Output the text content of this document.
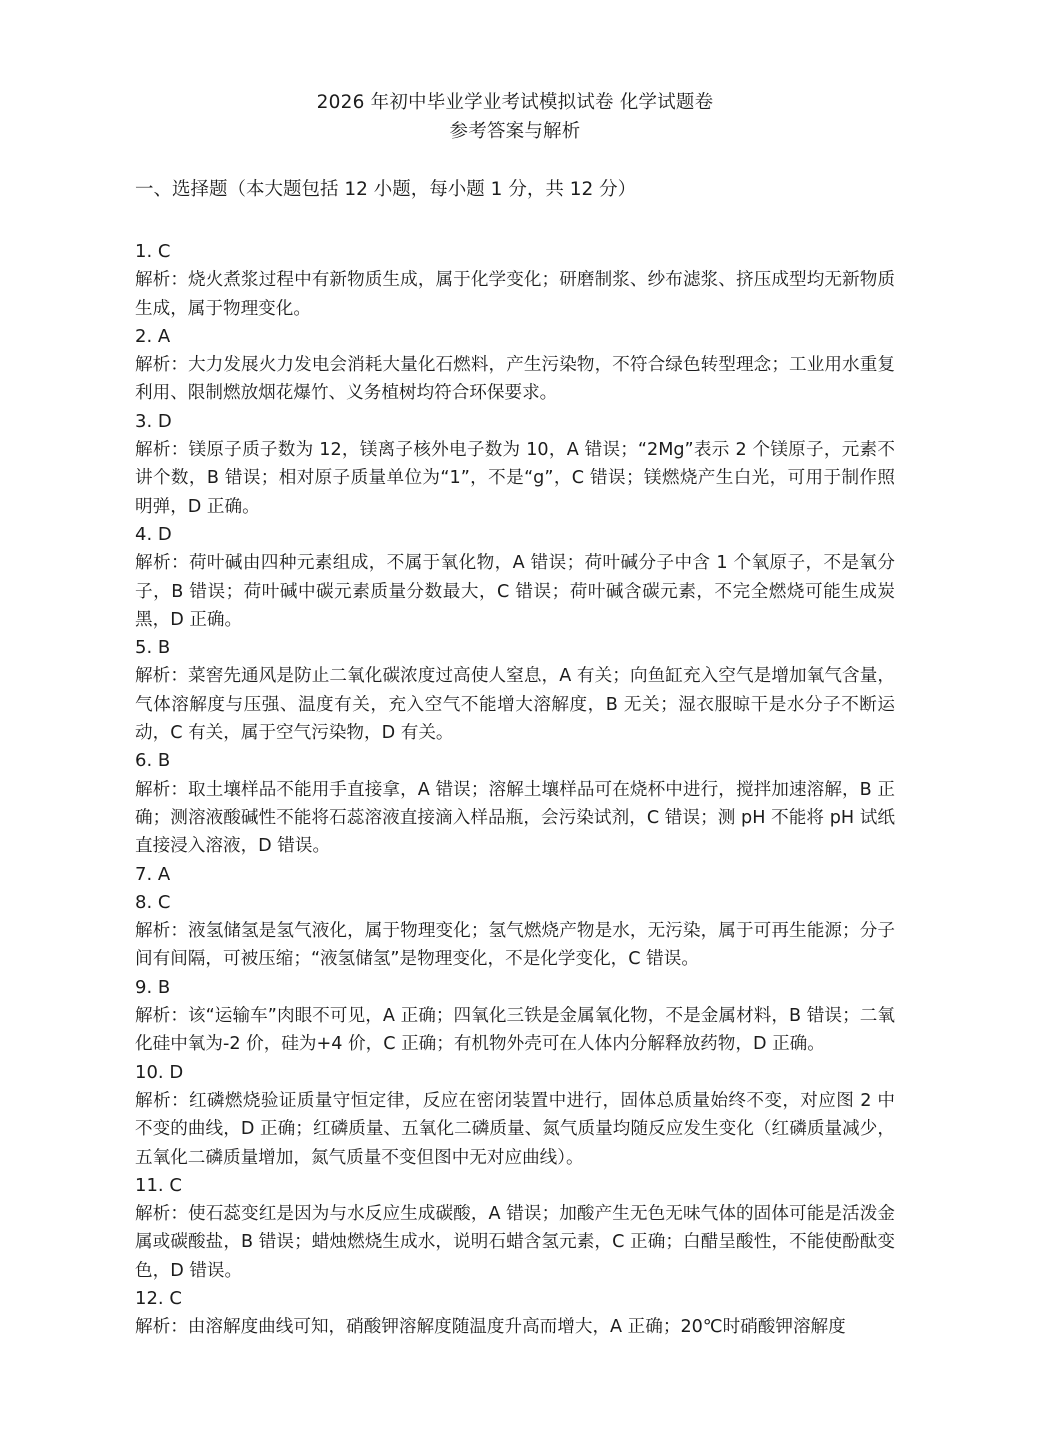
2026 年初中毕业学业考试模拟试卷 化学试题卷

参考答案与解析

一、选择题（本大题包括 12 小题，每小题 1 分，共 12 分）
1. C
解析：烧火煮浆过程中有新物质生成，属于化学变化；研磨制浆、纱布滤浆、挤压成型均无新物质生成，属于物理变化。
2. A
解析：大力发展火力发电会消耗大量化石燃料，产生污染物，不符合绿色转型理念；工业用水重复利用、限制燃放烟花爆竹、义务植树均符合环保要求。
3. D
解析：镁原子质子数为 12，镁离子核外电子数为 10，A 错误；“2Mg”表示 2 个镁原子，元素不讲个数，B 错误；相对原子质量单位为“1”，不是“g”，C 错误；镁燃烧产生白光，可用于制作照明弹，D 正确。
4. D
解析：荷叶碱由四种元素组成，不属于氧化物，A 错误；荷叶碱分子中含 1 个氧原子，不是氧分子，B 错误；荷叶碱中碳元素质量分数最大，C 错误；荷叶碱含碳元素，不完全燃烧可能生成炭黑，D 正确。
5. B
解析：菜窖先通风是防止二氧化碳浓度过高使人窒息，A 有关；向鱼缸充入空气是增加氧气含量，气体溶解度与压强、温度有关，充入空气不能增大溶解度，B 无关；湿衣服晾干是水分子不断运动，C 有关，属于空气污染物，D 有关。
6. B
解析：取土壤样品不能用手直接拿，A 错误；溶解土壤样品可在烧杯中进行，搅拌加速溶解，B 正确；测溶液酸碱性不能将石蕊溶液直接滴入样品瓶，会污染试剂，C 错误；测 pH 不能将 pH 试纸直接浸入溶液，D 错误。
7. A
8. C
解析：液氢储氢是氢气液化，属于物理变化；氢气燃烧产物是水，无污染，属于可再生能源；分子间有间隔，可被压缩；“液氢储氢”是物理变化，不是化学变化，C 错误。
9. B
解析：该“运输车”肉眼不可见，A 正确；四氧化三铁是金属氧化物，不是金属材料，B 错误；二氧化硅中氧为-2 价，硅为+4 价，C 正确；有机物外壳可在人体内分解释放药物，D 正确。
10. D
解析：红磷燃烧验证质量守恒定律，反应在密闭装置中进行，固体总质量始终不变，对应图 2 中不变的曲线，D 正确；红磷质量、五氧化二磷质量、氮气质量均随反应发生变化（红磷质量减少，五氧化二磷质量增加，氮气质量不变但图中无对应曲线）。
11. C
解析：使石蕊变红是因为与水反应生成碳酸，A 错误；加酸产生无色无味气体的固体可能是活泼金属或碳酸盐，B 错误；蜡烛燃烧生成水，说明石蜡含氢元素，C 正确；白醋呈酸性，不能使酚酞变色，D 错误。
12. C
解析：由溶解度曲线可知，硝酸钾溶解度随温度升高而增大，A 正确；20℃时硝酸钾溶解度
